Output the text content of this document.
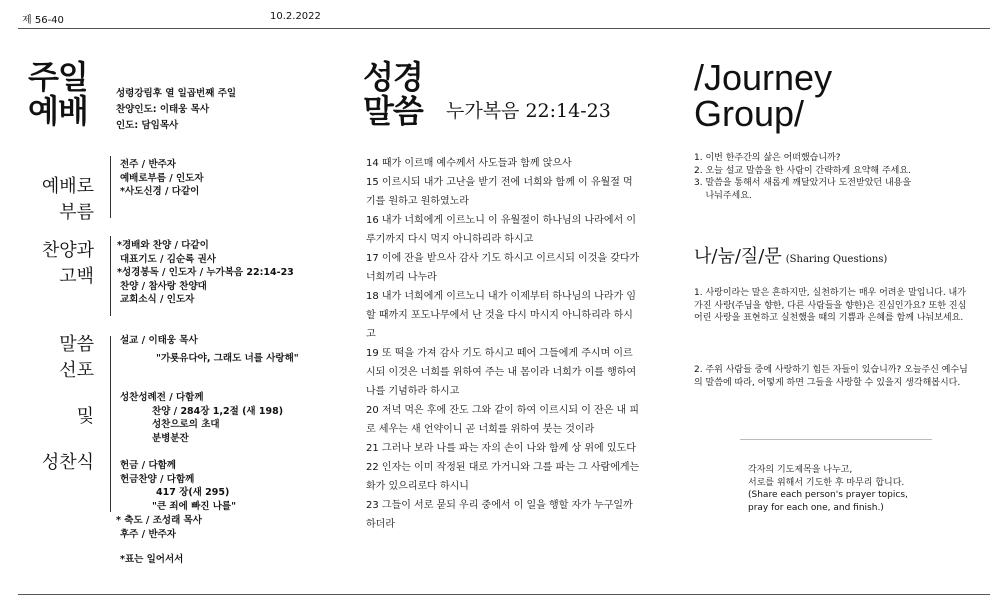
제 56-40	10.2.2022
주일
예배	성령강림후 열 일곱번째 주일
찬양인도: 이태웅 목사
인도: 담임목사
예배로
부름
전주 / 반주자
예배로부름 / 인도자
*사도신경 / 다같이
찬양과
고백
*경배와 찬양 / 다같이
대표기도 / 김순록 권사
*성경봉독 / 인도자 / 누가복음 22:14-23
찬양 / 참사랑 찬양대
교회소식 / 인도자
말씀
선포
및
성찬식
설교 / 이태웅 목사
"가룟유다야, 그래도 너를 사랑해"
성찬성례전 / 다함께
찬양 / 284장 1,2절 (새 198)
성찬으로의 초대
분병분잔
헌금 / 다함께
헌금찬양 / 다함께
417 장(새 295)
"큰 죄에 빠진 나를"
* 축도 / 조성래 목사
후주 / 반주자
*표는 일어서서
성경
말씀	누가복음 22:14-23

14 때가 이르매 예수께서 사도들과 함께 앉으사

15 이르시되 내가 고난을 받기 전에 너희와 함께 이 유월절 먹기를 원하고 원하였노라

16 내가 너희에게 이르노니 이 유월절이 하나님의 나라에서 이루기까지 다시 먹지 아니하리라 하시고

17 이에 잔을 받으사 감사 기도 하시고 이르시되 이것을 갖다가 너희끼리 나누라

18 내가 너희에게 이르노니 내가 이제부터 하나님의 나라가 임할 때까지 포도나무에서 난 것을 다시 마시지 아니하리라 하시고

19 또 떡을 가져 감사 기도 하시고 떼어 그들에게 주시며 이르시되 이것은 너희를 위하여 주는 내 몸이라 너희가 이를 행하여 나를 기념하라 하시고

20 저녁 먹은 후에 잔도 그와 같이 하여 이르시되 이 잔은 내 피로 세우는 새 언약이니 곧 너희를 위하여 붓는 것이라

21 그러나 보라 나를 파는 자의 손이 나와 함께 상 위에 있도다

22 인자는 이미 작정된 대로 가거니와 그를 파는 그 사람에게는 화가 있으리로다 하시니

23 그들이 서로 묻되 우리 중에서 이 일을 행할 자가 누구일까 하더라

/Journey
Group/
1. 이번 한주간의 삶은 어떠했습니까?
2. 오늘 설교 말씀을 한 사람이 간략하게 요약해 주세요.
3. 말씀을 통해서 새롭게 깨달았거나 도전받았던 내용을
나눠주세요.
나/눔/질/문 (Sharing Questions)
1. 사랑이라는 말은 흔하지만, 실천하기는 매우 어려운 말입니다. 내가 가진 사랑(주님을 향한, 다른 사람들을 향한)은 진심인가요? 또한 진심어린 사랑을 표현하고 실천했을 때의 기쁨과 은혜를 함께 나눠보세요.
2. 주위 사람들 중에 사랑하기 힘든 자들이 있습니까? 오늘주신 예수님의 말씀에 따라, 어떻게 하면 그들을 사랑할 수 있을지 생각해봅시다.
각자의 기도제목을 나누고,
서로를 위해서 기도한 후 마무리 합니다.
(Share each person's prayer topics,
pray for each one, and finish.)
